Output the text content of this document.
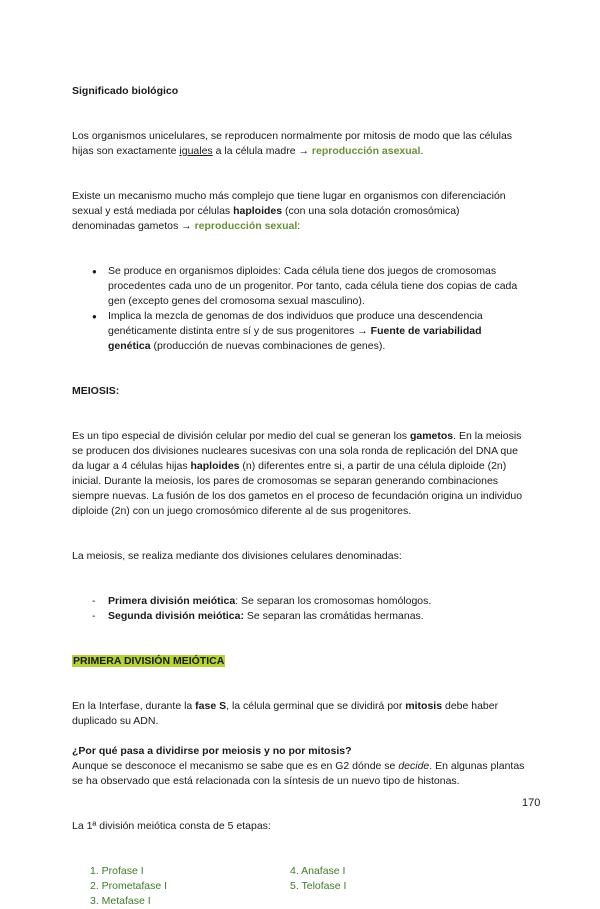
Significado biológico

Los organismos unicelulares, se reproducen normalmente por mitosis de modo que las células

hijas son exactamente iguales a la célula madre → reproducción asexual.

Existe un mecanismo mucho más complejo que tiene lugar en organismos con diferenciación

sexual y está mediada por células haploides (con una sola dotación cromosómica)

denominadas gametos → reproducción sexual:

● Se produce en organismos diploides: Cada célula tiene dos juegos de cromosomas
procedentes cada uno de un progenitor. Por tanto, cada célula tiene dos copias de cada
gen (excepto genes del cromosoma sexual masculino).
● Implica la mezcla de genomas de dos individuos que produce una descendencia
genéticamente distinta entre sí y de sus progenitores → Fuente de variabilidad
genética (producción de nuevas combinaciones de genes).

MEIOSIS:

Es un tipo especial de división celular por medio del cual se generan los gametos. En la meiosis

se producen dos divisiones nucleares sucesivas con una sola ronda de replicación del DNA que

da lugar a 4 células hijas haploides (n) diferentes entre si, a partir de una célula diploide (2n)

inicial. Durante la meiosis, los pares de cromosomas se separan generando combinaciones

siempre nuevas. La fusión de los dos gametos en el proceso de fecundación origina un individuo

diploide (2n) con un juego cromosómico diferente al de sus progenitores.

La meiosis, se realiza mediante dos divisiones celulares denominadas:

- Primera división meiótica: Se separan los cromosomas homólogos.
- Segunda división meiótica: Se separan las cromátidas hermanas.

PRIMERA DIVISIÓN MEIÓTICA

En la Interfase, durante la fase S, la célula germinal que se dividirá por mitosis debe haber

duplicado su ADN.

¿Por qué pasa a dividirse por meiosis y no por mitosis?

Aunque se desconoce el mecanismo se sabe que es en G2 dónde se decide. En algunas plantas

se ha observado que está relacionada con la síntesis de un nuevo tipo de histonas.

La 1ª división meiótica consta de 5 etapas:

1. Profase I

2. Prometafase I

3. Metafase I

4. Anafase I

5. Telofase I

170
